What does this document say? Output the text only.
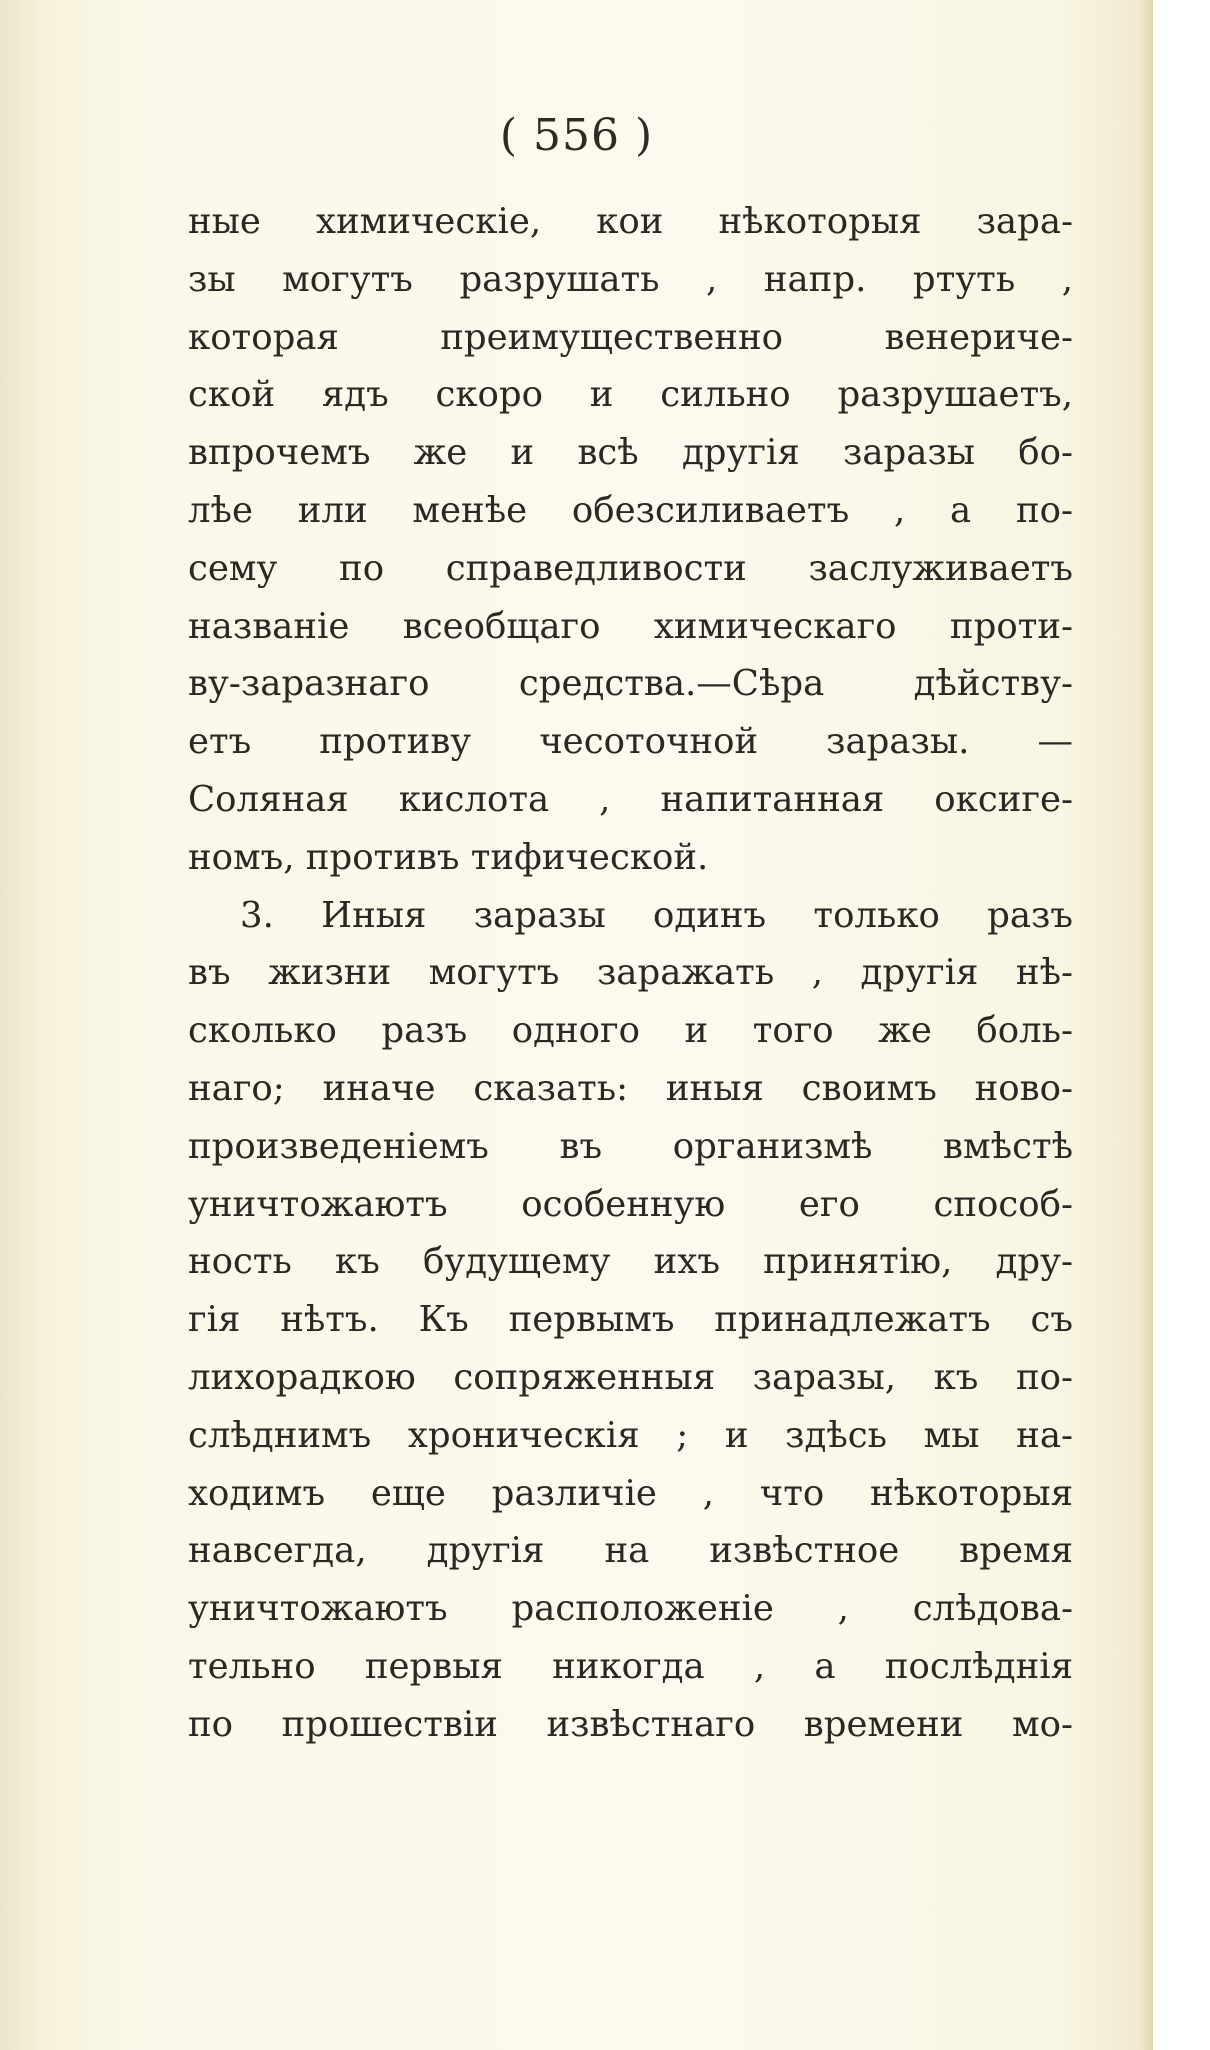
( 556 )
ные химическіе, кои нѣкоторыя зара-
зы могутъ разрушать , напр. ртуть ,
которая преимущественно венериче-
ской ядъ скоро и сильно разрушаетъ,
впрочемъ же и всѣ другія заразы бо-
лѣе или менѣе обезсиливаетъ , а по-
сему по справедливости заслуживаетъ
названіе всеобщаго химическаго проти-
ву-заразнаго средства.—Сѣра дѣйству-
етъ противу чесоточной заразы. —
Соляная кислота , напитанная оксиге-
номъ, противъ тифической.
3. Иныя заразы одинъ только разъ
въ жизни могутъ заражать , другія нѣ-
сколько разъ одного и того же боль-
наго; иначе сказать: иныя своимъ ново-
произведеніемъ въ организмѣ вмѣстѣ
уничтожаютъ особенную его способ-
ность къ будущему ихъ принятію, дру-
гія нѣтъ. Къ первымъ принадлежатъ съ
лихорадкою сопряженныя заразы, къ по-
слѣднимъ хроническія ; и здѣсь мы на-
ходимъ еще различіе , что нѣкоторыя
навсегда, другія на извѣстное время
уничтожаютъ расположеніе , слѣдова-
тельно первыя никогда , а послѣднія
по прошествіи извѣстнаго времени мо-
